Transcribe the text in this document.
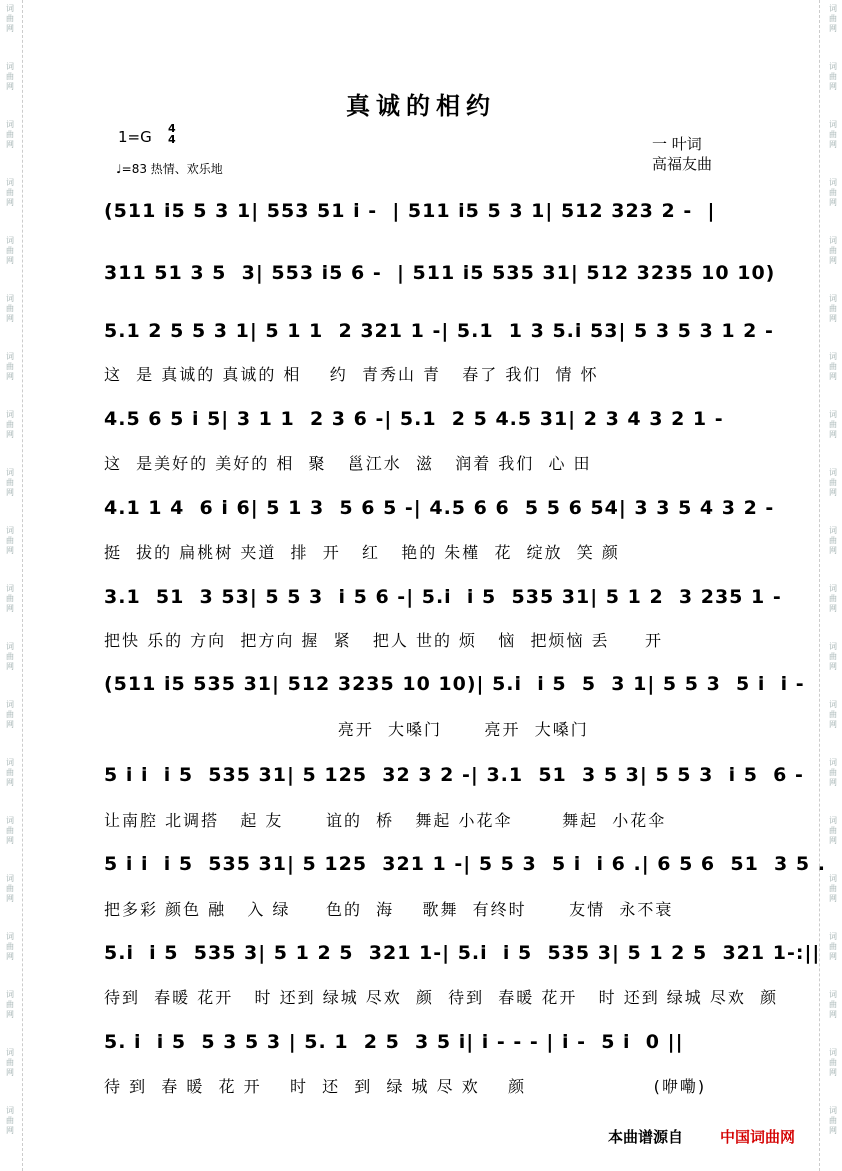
词
曲
网
词
曲
网
词
曲
网
词
曲
网
词
曲
网
词
曲
网
词
曲
网
词
曲
网
词
曲
网
词
曲
网
词
曲
网
词
曲
网
词
曲
网
词
曲
网
词
曲
网
词
曲
网
词
曲
网
词
曲
网
词
曲
网
词
曲
网
词
曲
网
词
曲
网
词
曲
网
词
曲
网
词
曲
网
词
曲
网
词
曲
网
词
曲
网
词
曲
网
词
曲
网
词
曲
网
词
曲
网
词
曲
网
词
曲
网
词
曲
网
词
曲
网
词
曲
网
词
曲
网
词
曲
网
词
曲
网
真诚的相约
1=G 4
4
♩=83 热情、欢乐地
一 叶词
高福友曲
(511 i5 5 3 1| 553 51 i -  | 511 i5 5 3 1| 512 323 2 -  |
311 51 3 5  3| 553 i5 6 -  | 511 i5 535 31| 512 3235 10 10)
5.1 2 5 5 3 1| 5 1 1  2 321 1 -| 5.1  1 3 5.i 53| 5 3 5 3 1 2 -
这  是 真诚的 真诚的 相    约  青秀山 青   春了 我们  情 怀
4.5 6 5 i 5| 3 1 1  2 3 6 -| 5.1  2 5 4.5 31| 2 3 4 3 2 1 -
这  是美好的 美好的 相  聚   邕江水  滋   润着 我们  心 田
4.1 1 4  6 i 6| 5 1 3  5 6 5 -| 4.5 6 6  5 5 6 54| 3 3 5 4 3 2 -
挺  拔的 扁桃树 夹道  排  开   红   艳的 朱槿  花  绽放  笑 颜
3.1  51  3 53| 5 5 3  i 5 6 -| 5.i  i 5  535 31| 5 1 2  3 235 1 -
把快 乐的 方向  把方向 握  紧   把人 世的 烦   恼  把烦恼 丢     开
(511 i5 535 31| 512 3235 10 10)| 5.i  i 5  5  3 1| 5 5 3  5 i  i -
亮开  大嗓门      亮开  大嗓门
5 i i  i 5  535 31| 5 125  32 3 2 -| 3.1  51  3 5 3| 5 5 3  i 5  6 -
让南腔 北调搭   起 友      谊的  桥   舞起 小花伞       舞起  小花伞
5 i i  i 5  535 31| 5 125  321 1 -| 5 5 3  5 i  i 6 .| 6 5 6  51  3 5 .
把多彩 颜色 融   入 绿     色的  海    歌舞  有终时      友情  永不衰
5.i  i 5  535 3| 5 1 2 5  321 1-| 5.i  i 5  535 3| 5 1 2 5  321 1-:||
待到  春暖 花开   时 还到 绿城 尽欢  颜  待到  春暖 花开   时 还到 绿城 尽欢  颜
5. i  i 5  5 3 5 3 | 5. 1  2 5  3 5 i| i - - - | i -  5 i  0 ||
待 到  春 暖  花 开    时  还  到  绿 城 尽 欢    颜                  (咿嘞)
本曲谱源自 中国词曲网
